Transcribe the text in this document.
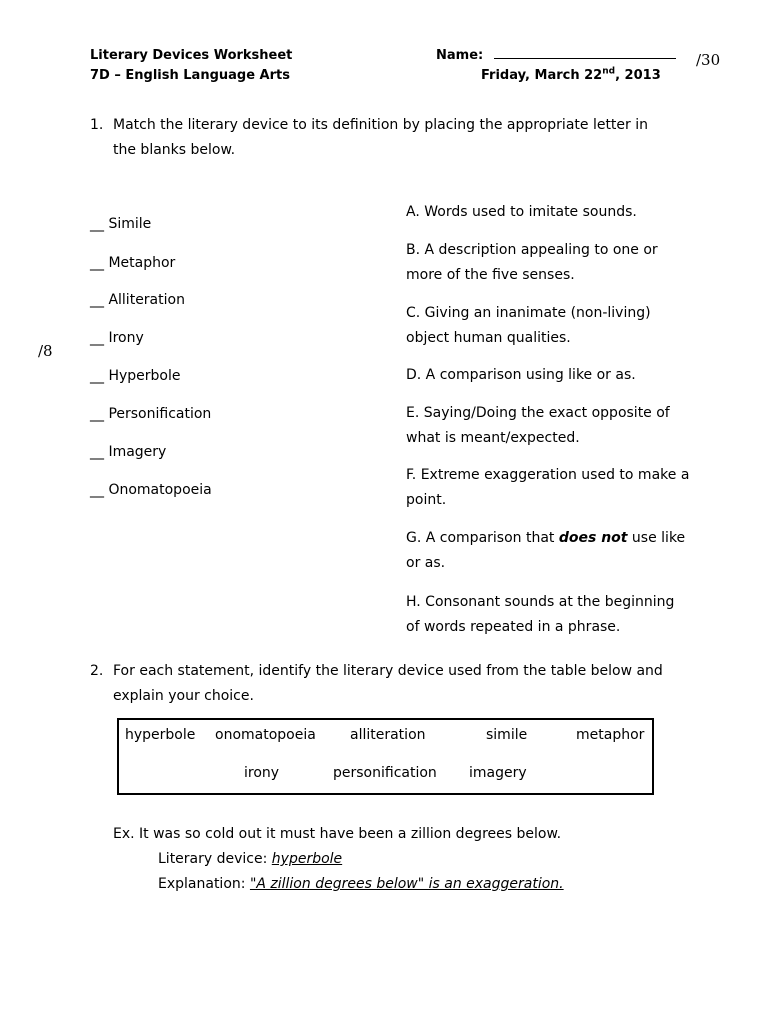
Literary Devices Worksheet
7D – English Language Arts
Name:
Friday, March 22nd, 2013
/30
1. Match the literary device to its definition by placing the appropriate letter in
the blanks below.
/8
__ Simile
__ Metaphor
__ Alliteration
__ Irony
__ Hyperbole
__ Personification
__ Imagery
__ Onomatopoeia
A. Words used to imitate sounds.
B. A description appealing to one or more of the five senses.
C. Giving an inanimate (non-living) object human qualities.
D. A comparison using like or as.
E. Saying/Doing the exact opposite of what is meant/expected.
F. Extreme exaggeration used to make a point.
G. A comparison that does not use like or as.
H. Consonant sounds at the beginning of words repeated in a phrase.
2. For each statement, identify the literary device used from the table below and
explain your choice.
hyperbole onomatopoeia alliteration	simile	metaphor
irony	personification imagery
Ex. It was so cold out it must have been a zillion degrees below.
Literary device: hyperbole
Explanation: "A zillion degrees below" is an exaggeration.
